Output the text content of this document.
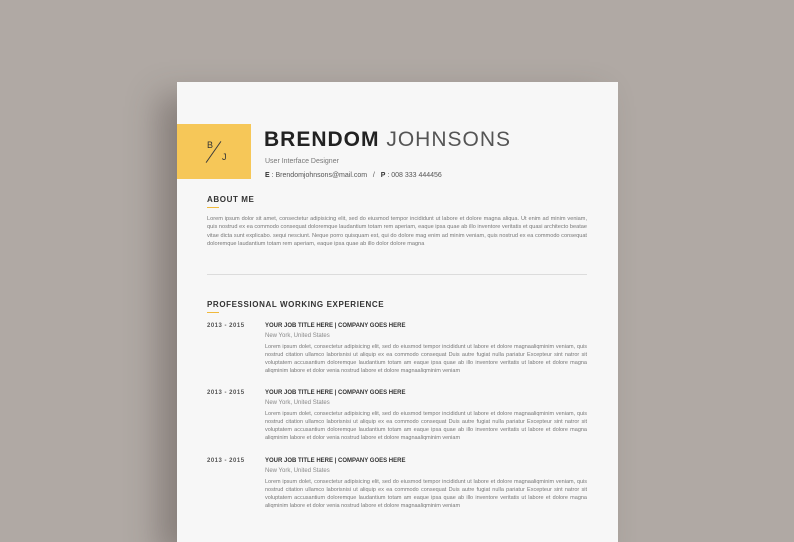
B
J
BRENDOM JOHNSONS
User Interface Designer
E : Brendomjohnsons@mail.com / P : 008 333 444456
ABOUT ME

Lorem ipsum dolor sit amet, consectetur adipisicing elit, sed do eiusmod tempor incididunt ut labore et dolore magna aliqua. Ut enim ad minim veniam, quis nostrud ex ea commodo consequat doloremque laudantium totam rem aperiam, eaque ipsa quae ab illo inventore veritatis et quasi architecto beatae vitae dicta sunt explicabo. sequi nesciunt. Neque porro quisquam est, qui do dolore mag enim ad minim veniam, quis nostrud ex ea commodo consequat doloremque laudantium totam rem aperiam, eaque ipsa quae ab illo dolor dolore magna

PROFESSIONAL WORKING EXPERIENCE
2013 - 2015	YOUR JOB TITLE HERE | COMPANY GOES HERE
New York, United States

Lorem ipsum dolet, consectetur adipisicing elit, sed do eiusmod tempor incididunt ut labore et dolore magnaaliqminim veniam, quis nostrud citation ullamco laborisnisi ut aliquip ex ea commodo consequat Duis autre fugiat nulla pariatur Excepteur sint natror sit voluptatem accusantium doloremque laudantium totam am eaque ipsa quae ab illo inventore veritatis ut labore et dolore magna aliqminim labore et dolor venia nostrud labore et dolore magnaaliqminim veniam

2013 - 2015	YOUR JOB TITLE HERE | COMPANY GOES HERE
New York, United States

Lorem ipsum dolet, consectetur adipisicing elit, sed do eiusmod tempor incididunt ut labore et dolore magnaaliqminim veniam, quis nostrud citation ullamco laborisnisi ut aliquip ex ea commodo consequat Duis autre fugiat nulla pariatur Excepteur sint natror sit voluptatem accusantium doloremque laudantium totam am eaque ipsa quae ab illo inventore veritatis ut labore et dolore magna aliqminim labore et dolor venia nostrud labore et dolore magnaaliqminim veniam

2013 - 2015	YOUR JOB TITLE HERE | COMPANY GOES HERE
New York, United States

Lorem ipsum dolet, consectetur adipisicing elit, sed do eiusmod tempor incididunt ut labore et dolore magnaaliqminim veniam, quis nostrud citation ullamco laborisnisi ut aliquip ex ea commodo consequat Duis autre fugiat nulla pariatur Excepteur sint natror sit voluptatem accusantium doloremque laudantium totam am eaque ipsa quae ab illo inventore veritatis ut labore et dolore magna aliqminim labore et dolor venia nostrud labore et dolore magnaaliqminim veniam
